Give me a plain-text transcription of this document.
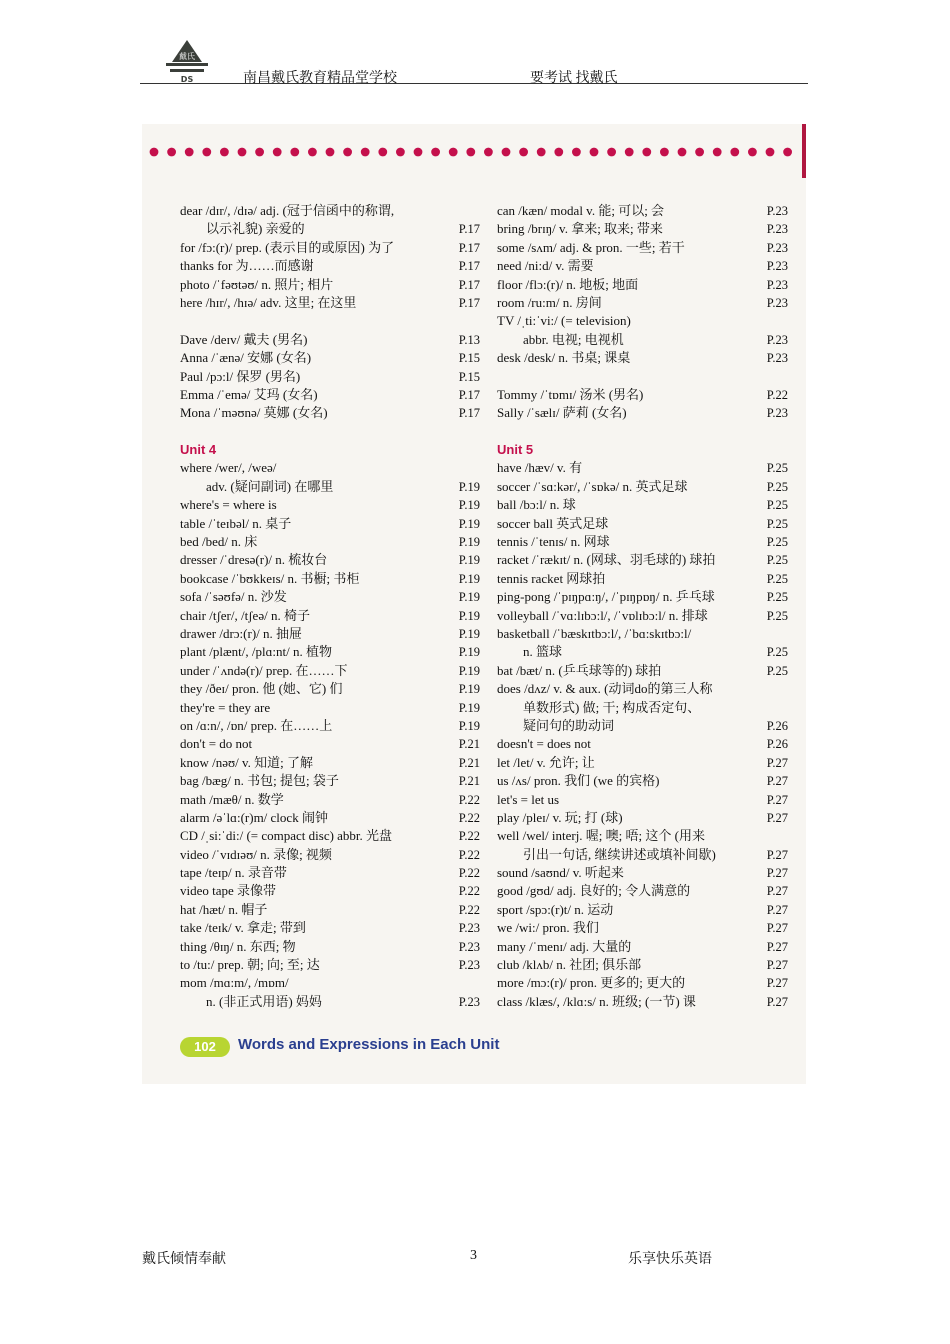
戴氏
DS	南昌戴氏教育精品堂学校	要考试 找戴氏
dear /dɪr/, /dɪə/ adj. (冠于信函中的称谓,
以示礼貌) 亲爱的	P.17
for /fɔ:(r)/ prep. (表示目的或原因) 为了	P.17
thanks for 为……而感谢	P.17
photo /ˈfəʊtəʊ/ n. 照片; 相片	P.17
here /hɪr/, /hɪə/ adv. 这里; 在这里	P.17
Dave /deɪv/ 戴夫 (男名)	P.13
Anna /ˈænə/ 安娜 (女名)	P.15
Paul /pɔ:l/ 保罗 (男名)	P.15
Emma /ˈemə/ 艾玛 (女名)	P.17
Mona /ˈməʊnə/ 莫娜 (女名)	P.17
Unit 4
where /wer/, /weə/
adv. (疑问副词) 在哪里	P.19
where's = where is	P.19
table /ˈteɪbəl/ n. 桌子	P.19
bed /bed/ n. 床	P.19
dresser /ˈdresə(r)/ n. 梳妆台	P.19
bookcase /ˈbʊkkeɪs/ n. 书橱; 书柜	P.19
sofa /ˈsəʊfə/ n. 沙发	P.19
chair /tʃer/, /tʃeə/ n. 椅子	P.19
drawer /drɔ:(r)/ n. 抽屉	P.19
plant /plænt/, /plɑ:nt/ n. 植物	P.19
under /ˈʌndə(r)/ prep. 在……下	P.19
they /ðeɪ/ pron. 他 (她、它) 们	P.19
they're = they are	P.19
on /ɑ:n/, /ɒn/ prep. 在……上	P.19
don't = do not	P.21
know /nəʊ/ v. 知道; 了解	P.21
bag /bæg/ n. 书包; 提包; 袋子	P.21
math /mæθ/ n. 数学	P.22
alarm /əˈlɑ:(r)m/ clock 闹钟	P.22
CD /ˌsi:ˈdi:/ (= compact disc) abbr. 光盘	P.22
video /ˈvɪdɪəʊ/ n. 录像; 视频	P.22
tape /teɪp/ n. 录音带	P.22
video tape 录像带	P.22
hat /hæt/ n. 帽子	P.22
take /teɪk/ v. 拿走; 带到	P.23
thing /θɪŋ/ n. 东西; 物	P.23
to /tu:/ prep. 朝; 向; 至; 达	P.23
mom /mɑ:m/, /mɒm/
n. (非正式用语) 妈妈	P.23
can /kæn/ modal v. 能; 可以; 会	P.23
bring /brɪŋ/ v. 拿来; 取来; 带来	P.23
some /sʌm/ adj. & pron. 一些; 若干	P.23
need /ni:d/ v. 需要	P.23
floor /flɔ:(r)/ n. 地板; 地面	P.23
room /ru:m/ n. 房间	P.23
TV /ˌti:ˈvi:/ (= television)
abbr. 电视; 电视机	P.23
desk /desk/ n. 书桌; 课桌	P.23
Tommy /ˈtɒmɪ/ 汤米 (男名)	P.22
Sally /ˈsælɪ/ 萨莉 (女名)	P.23
Unit 5
have /hæv/ v. 有	P.25
soccer /ˈsɑ:kər/, /ˈsɒkə/ n. 英式足球	P.25
ball /bɔ:l/ n. 球	P.25
soccer ball 英式足球	P.25
tennis /ˈtenɪs/ n. 网球	P.25
racket /ˈrækɪt/ n. (网球、羽毛球的) 球拍	P.25
tennis racket 网球拍	P.25
ping-pong /ˈpɪŋpɑ:ŋ/, /ˈpɪŋpɒŋ/ n. 乒乓球	P.25
volleyball /ˈvɑ:lɪbɔ:l/, /ˈvɒlɪbɔ:l/ n. 排球	P.25
basketball /ˈbæskɪtbɔ:l/, /ˈbɑ:skɪtbɔ:l/
n. 篮球	P.25
bat /bæt/ n. (乒乓球等的) 球拍	P.25
does /dʌz/ v. & aux. (动词do的第三人称
单数形式) 做; 干; 构成否定句、
疑问句的助动词	P.26
doesn't = does not	P.26
let /let/ v. 允许; 让	P.27
us /ʌs/ pron. 我们 (we 的宾格)	P.27
let's = let us	P.27
play /pleɪ/ v. 玩; 打 (球)	P.27
well /wel/ interj. 喔; 噢; 唔; 这个 (用来
引出一句话, 继续讲述或填补间歇)	P.27
sound /saʊnd/ v. 听起来	P.27
good /gʊd/ adj. 良好的; 令人满意的	P.27
sport /spɔ:(r)t/ n. 运动	P.27
we /wi:/ pron. 我们	P.27
many /ˈmenɪ/ adj. 大量的	P.27
club /klʌb/ n. 社团; 俱乐部	P.27
more /mɔ:(r)/ pron. 更多的; 更大的	P.27
class /klæs/, /klɑ:s/ n. 班级; (一节) 课	P.27
102	Words and Expressions in Each Unit
戴氏倾情奉献	3	乐享快乐英语
